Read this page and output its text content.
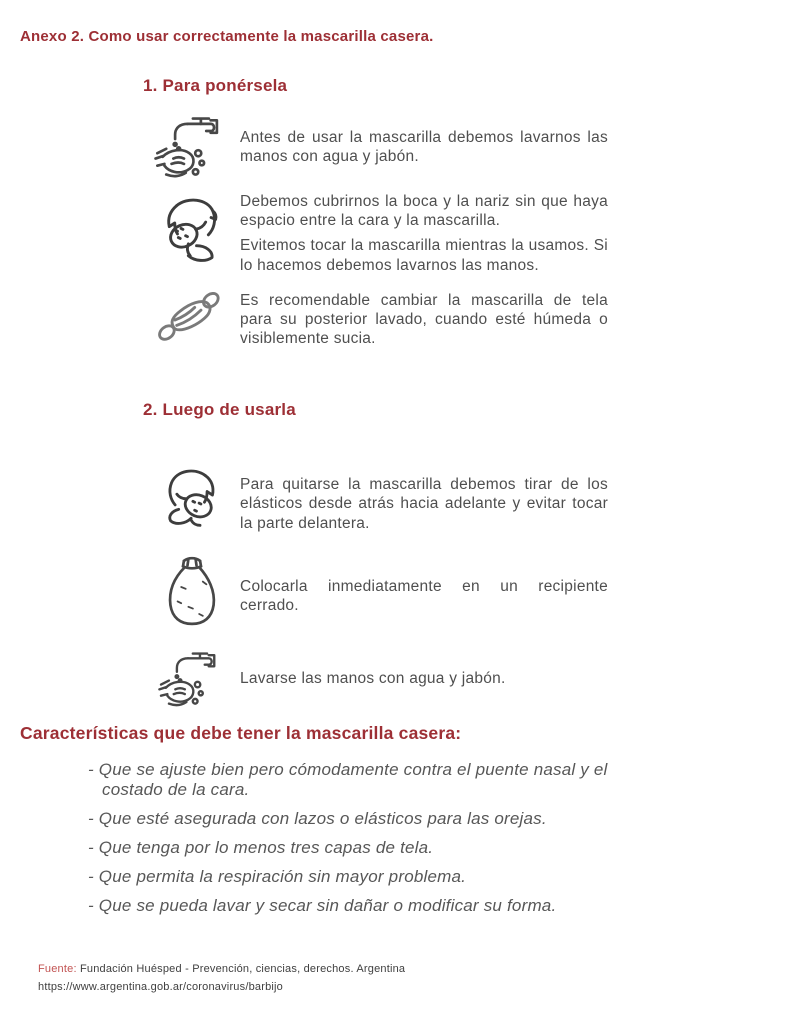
Anexo 2. Como usar correctamente la mascarilla casera.
1. Para ponérsela

Antes de usar la mascarilla debemos lavarnos las manos con agua y jabón.

Debemos cubrirnos la boca y la nariz sin que haya espacio entre la cara y la mascarilla.

Evitemos tocar la mascarilla mientras la usamos. Si lo hacemos debemos lavarnos las manos.

Es recomendable cambiar la mascarilla de tela para su posterior lavado, cuando esté húmeda o visiblemente sucia.

2. Luego de usarla

Para quitarse la mascarilla debemos tirar de los elásticos desde atrás hacia adelante y evitar tocar la parte delantera.

Colocarla inmediatamente en un recipiente cerrado.

Lavarse las manos con agua y jabón.

Características que debe tener la mascarilla casera:
- Que se ajuste bien pero cómodamente contra el puente nasal y el costado de la cara.
- Que esté asegurada con lazos o elásticos para las orejas.
- Que tenga por lo menos tres capas de tela.
- Que permita la respiración sin mayor problema.
- Que se pueda lavar y secar sin dañar o modificar su forma.
Fuente: Fundación Huésped - Prevención, ciencias, derechos. Argentina
https://www.argentina.gob.ar/coronavirus/barbijo
